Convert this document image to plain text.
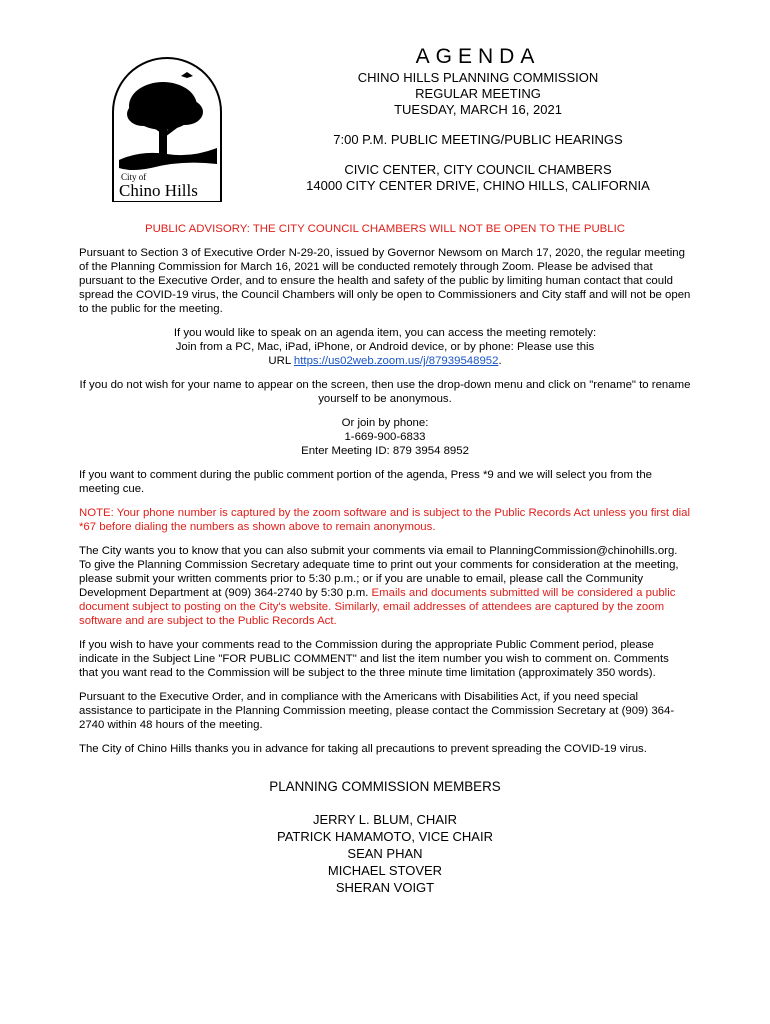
City of
Chino Hills
AGENDA
CHINO HILLS PLANNING COMMISSION
REGULAR MEETING
TUESDAY, MARCH 16, 2021
7:00 P.M. PUBLIC MEETING/PUBLIC HEARINGS
CIVIC CENTER, CITY COUNCIL CHAMBERS
14000 CITY CENTER DRIVE, CHINO HILLS, CALIFORNIA
PUBLIC ADVISORY: THE CITY COUNCIL CHAMBERS WILL NOT BE OPEN TO THE PUBLIC

Pursuant to Section 3 of Executive Order N-29-20, issued by Governor Newsom on March 17, 2020, the regular meeting of the Planning Commission for March 16, 2021 will be conducted remotely through Zoom. Please be advised that pursuant to the Executive Order, and to ensure the health and safety of the public by limiting human contact that could spread the COVID-19 virus, the Council Chambers will only be open to Commissioners and City staff and will not be open to the public for the meeting.

If you would like to speak on an agenda item, you can access the meeting remotely:
Join from a PC, Mac, iPad, iPhone, or Android device, or by phone: Please use this
URL https://us02web.zoom.us/j/87939548952.

If you do not wish for your name to appear on the screen, then use the drop-down menu and click on "rename" to rename yourself to be anonymous.

Or join by phone:
1-669-900-6833
Enter Meeting ID: 879 3954 8952

If you want to comment during the public comment portion of the agenda, Press *9 and we will select you from the meeting cue.

NOTE: Your phone number is captured by the zoom software and is subject to the Public Records Act unless you first dial *67 before dialing the numbers as shown above to remain anonymous.

The City wants you to know that you can also submit your comments via email to PlanningCommission@chinohills.org. To give the Planning Commission Secretary adequate time to print out your comments for consideration at the meeting, please submit your written comments prior to 5:30 p.m.; or if you are unable to email, please call the Community Development Department at (909) 364-2740 by 5:30 p.m. Emails and documents submitted will be considered a public document subject to posting on the City's website. Similarly, email addresses of attendees are captured by the zoom software and are subject to the Public Records Act.

If you wish to have your comments read to the Commission during the appropriate Public Comment period, please indicate in the Subject Line "FOR PUBLIC COMMENT" and list the item number you wish to comment on. Comments that you want read to the Commission will be subject to the three minute time limitation (approximately 350 words).

Pursuant to the Executive Order, and in compliance with the Americans with Disabilities Act, if you need special assistance to participate in the Planning Commission meeting, please contact the Commission Secretary at (909) 364-2740 within 48 hours of the meeting.

The City of Chino Hills thanks you in advance for taking all precautions to prevent spreading the COVID-19 virus.

PLANNING COMMISSION MEMBERS
JERRY L. BLUM, CHAIR
PATRICK HAMAMOTO, VICE CHAIR
SEAN PHAN
MICHAEL STOVER
SHERAN VOIGT
